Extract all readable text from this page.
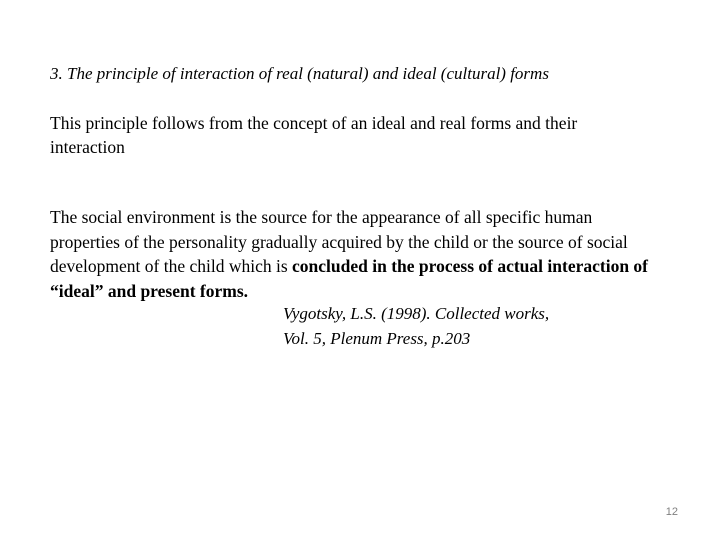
3. The principle of interaction of real (natural) and ideal (cultural) forms

This principle follows from the concept of an ideal and real forms and their interaction

The social environment is the source for the appearance of all specific human properties of the personality gradually acquired by the child or the source of social development of the child which is concluded in the process of actual interaction of “ideal” and present forms.

Vygotsky, L.S. (1998). Collected works,
Vol. 5, Plenum Press, p.203
12
